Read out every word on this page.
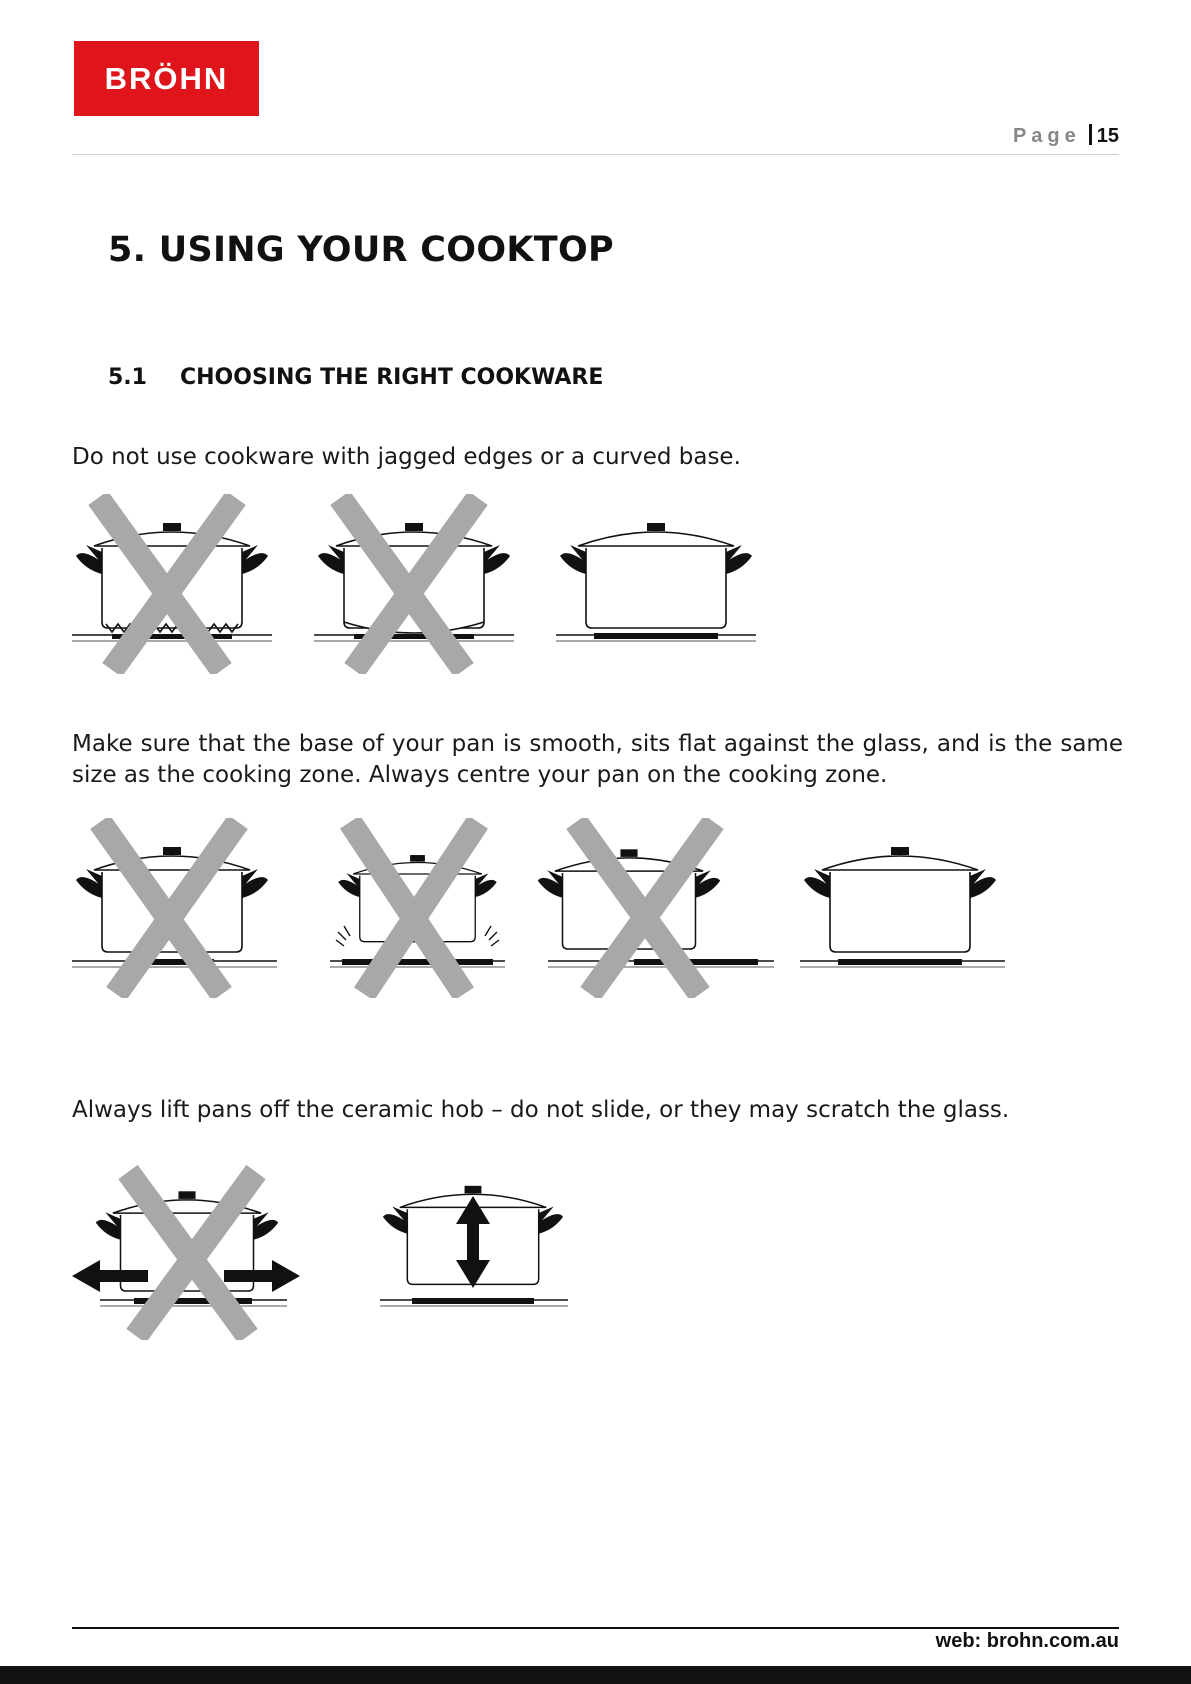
BRÖHN
Page 15
5. USING YOUR COOKTOP
5.1 CHOOSING THE RIGHT COOKWARE
Do not use cookware with jagged edges or a curved base.
Make sure that the base of your pan is smooth, sits flat against the glass, and is the same size as the cooking zone. Always centre your pan on the cooking zone.
Always lift pans off the ceramic hob – do not slide, or they may scratch the glass.
web: brohn.com.au
